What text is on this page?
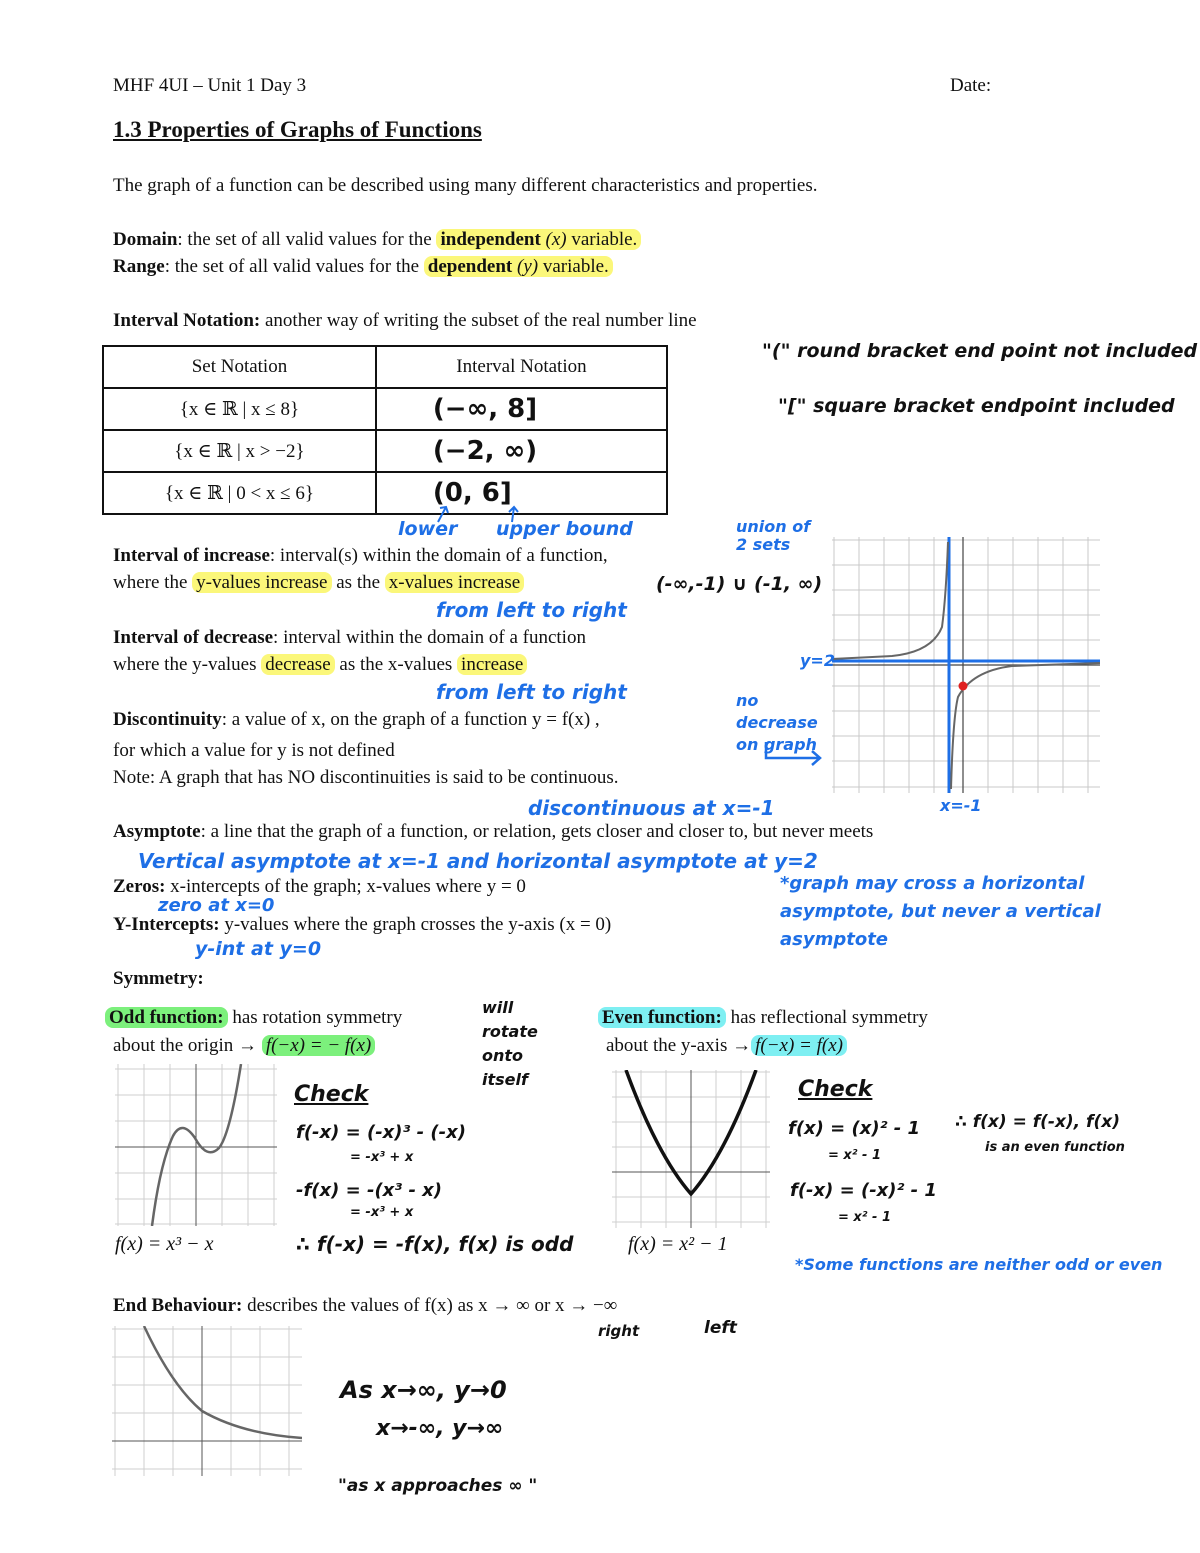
MHF 4UI – Unit 1 Day 3	Date:
1.3 Properties of Graphs of Functions
The graph of a function can be described using many different characteristics and properties.
Domain: the set of all valid values for the independent (x) variable.
Range: the set of all valid values for the dependent (y) variable.
Interval Notation: another way of writing the subset of the real number line
Set Notation	Interval Notation
{x ∈ ℝ | x ≤ 8}	(−∞, 8]
{x ∈ ℝ | x > −2}	(−2, ∞)
{x ∈ ℝ | 0 < x ≤ 6}	(0, 6]
"(" round bracket end point not included
"[" square bracket endpoint included
lower upper bound
Interval of increase: interval(s) within the domain of a function,
where the y-values increase as the x-values increase
from left to right
union of 2 sets
(-∞,-1) ∪ (-1, ∞)
Interval of decrease: interval within the domain of a function
where the y-values decrease as the x-values increase
from left to right
Discontinuity: a value of x, on the graph of a function y = f(x) ,
for which a value for y is not defined
Note: A graph that has NO discontinuities is said to be continuous.
discontinuous at x=-1
y=2
no decrease on graph
x=-1
Asymptote: a line that the graph of a function, or relation, gets closer and closer to, but never meets
Vertical asymptote at x=-1 and horizontal asymptote at y=2
Zeros: x-intercepts of the graph; x-values where y = 0
zero at x=0
Y-Intercepts: y-values where the graph crosses the y-axis (x = 0)
y-int at y=0
*graph may cross a horizontal asymptote, but never a vertical asymptote
Symmetry:
Odd function: has rotation symmetry
about the origin → f(−x) = − f(x)
will rotate onto itself
Even function: has reflectional symmetry
about the y-axis → f(−x) = f(x)
f(x) = x³ − x
Check
f(-x) = (-x)³ - (-x)
= -x³ + x
-f(x) = -(x³ - x)
= -x³ + x
∴ f(-x) = -f(x), f(x) is odd	f(x) = x² − 1
Check
f(x) = (x)² - 1
= x² - 1
f(-x) = (-x)² - 1
= x² - 1
∴ f(x) = f(-x), f(x)
is an even function
*Some functions are neither odd or even
End Behaviour: describes the values of f(x) as x → ∞ or x → −∞
right	left
As x→∞, y→0
x→-∞, y→∞
"as x approaches ∞ "
